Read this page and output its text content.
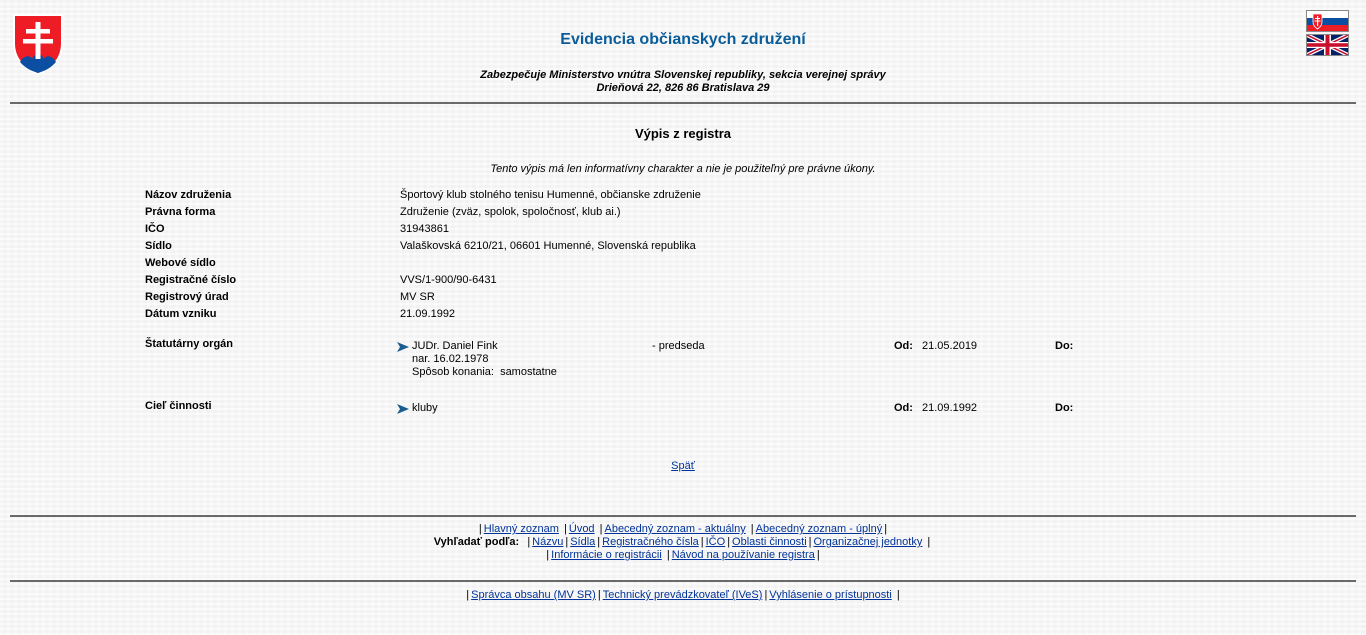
Evidencia občianskych združení
Zabezpečuje Ministerstvo vnútra Slovenskej republiky, sekcia verejnej správy
Drieňová 22, 826 86 Bratislava 29
Výpis z registra
Tento výpis má len informatívny charakter a nie je použiteľný pre právne úkony.
Názov združenia	Športový klub stolného tenisu Humenné, občianske združenie
Právna forma	Združenie (zväz, spolok, spoločnosť, klub ai.)
IČO	31943861
Sídlo	Valaškovská 6210/21, 06601 Humenné, Slovenská republika
Webové sídlo
Registračné číslo	VVS/1-900/90-6431
Registrový úrad	MV SR
Dátum vzniku	21.09.1992
Štatutárny orgán	JUDr. Daniel Fink	- predseda	Od: 21.05.2019	Do:
nar. 16.02.1978
Spôsob konania:  samostatne
Cieľ činnosti	kluby	Od: 21.09.1992	Do:
Späť
| Hlavný zoznam | Úvod | Abecedný zoznam - aktuálny | Abecedný zoznam - úplný |
Vyhľadať podľa: | Názvu | Sídla | Registračného čísla | IČO | Oblasti činnosti | Organizačnej jednotky |
| Informácie o registrácii | Návod na používanie registra |
| Správca obsahu (MV SR) | Technický prevádzkovateľ (IVeS) | Vyhlásenie o prístupnosti |
